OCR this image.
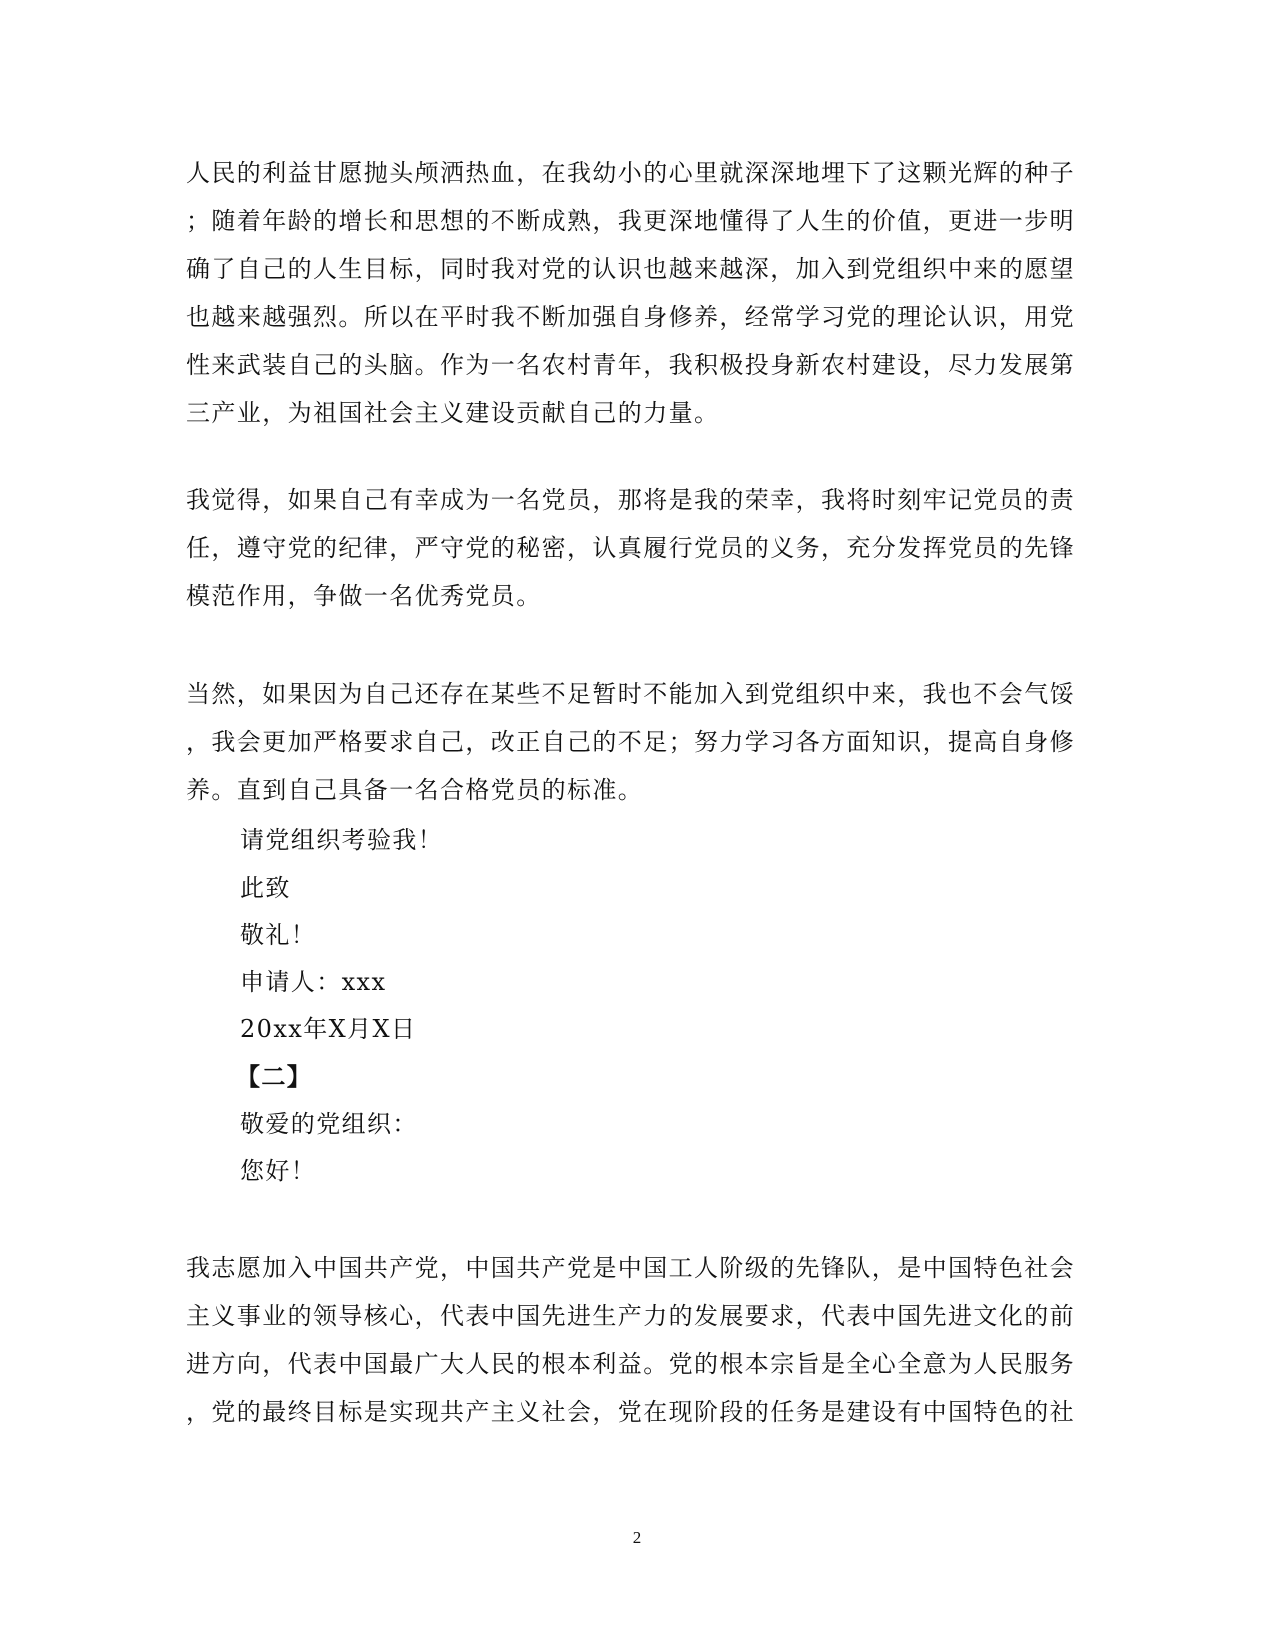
人民的利益甘愿抛头颅洒热血，在我幼小的心里就深深地埋下了这颗光辉的种子
；随着年龄的增长和思想的不断成熟，我更深地懂得了人生的价值，更进一步明
确了自己的人生目标，同时我对党的认识也越来越深，加入到党组织中来的愿望
也越来越强烈。所以在平时我不断加强自身修养，经常学习党的理论认识，用党
性来武装自己的头脑。作为一名农村青年，我积极投身新农村建设，尽力发展第
三产业，为祖国社会主义建设贡献自己的力量。
我觉得，如果自己有幸成为一名党员，那将是我的荣幸，我将时刻牢记党员的责
任，遵守党的纪律，严守党的秘密，认真履行党员的义务，充分发挥党员的先锋
模范作用，争做一名优秀党员。
当然，如果因为自己还存在某些不足暂时不能加入到党组织中来，我也不会气馁
，我会更加严格要求自己，改正自己的不足；努力学习各方面知识，提高自身修
养。直到自己具备一名合格党员的标准。
请党组织考验我！
此致
敬礼！
申请人：xxx
20xx年X月X日
【二】
敬爱的党组织：
您好！
我志愿加入中国共产党，中国共产党是中国工人阶级的先锋队，是中国特色社会
主义事业的领导核心，代表中国先进生产力的发展要求，代表中国先进文化的前
进方向，代表中国最广大人民的根本利益。党的根本宗旨是全心全意为人民服务
，党的最终目标是实现共产主义社会，党在现阶段的任务是建设有中国特色的社
2
